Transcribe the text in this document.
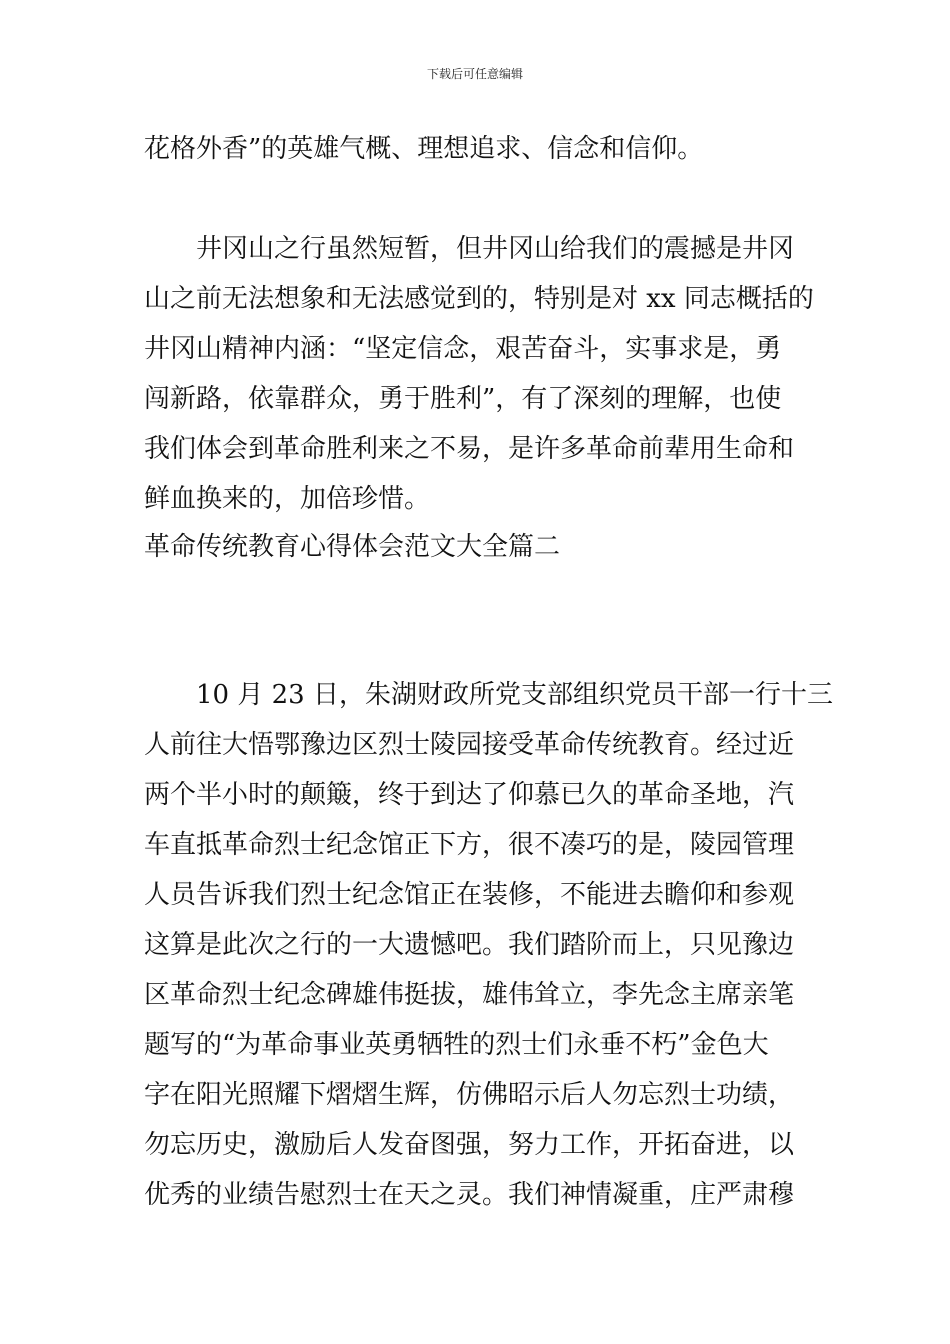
下载后可任意编辑
花格外香”的英雄气概、理想追求、信念和信仰。
井冈山之行虽然短暂，但井冈山给我们的震撼是井冈
山之前无法想象和无法感觉到的，特别是对 xx 同志概括的
井冈山精神内涵：“坚定信念，艰苦奋斗，实事求是，勇
闯新路，依靠群众，勇于胜利”，有了深刻的理解，也使
我们体会到革命胜利来之不易，是许多革命前辈用生命和
鲜血换来的，加倍珍惜。
革命传统教育心得体会范文大全篇二
10 月 23 日，朱湖财政所党支部组织党员干部一行十三
人前往大悟鄂豫边区烈士陵园接受革命传统教育。经过近
两个半小时的颠簸，终于到达了仰慕已久的革命圣地，汽
车直抵革命烈士纪念馆正下方，很不凑巧的是，陵园管理
人员告诉我们烈士纪念馆正在装修，不能进去瞻仰和参观
这算是此次之行的一大遗憾吧。我们踏阶而上，只见豫边
区革命烈士纪念碑雄伟挺拔，雄伟耸立，李先念主席亲笔
题写的“为革命事业英勇牺牲的烈士们永垂不朽”金色大
字在阳光照耀下熠熠生辉，仿佛昭示后人勿忘烈士功绩，
勿忘历史，激励后人发奋图强，努力工作，开拓奋进，以
优秀的业绩告慰烈士在天之灵。我们神情凝重，庄严肃穆
